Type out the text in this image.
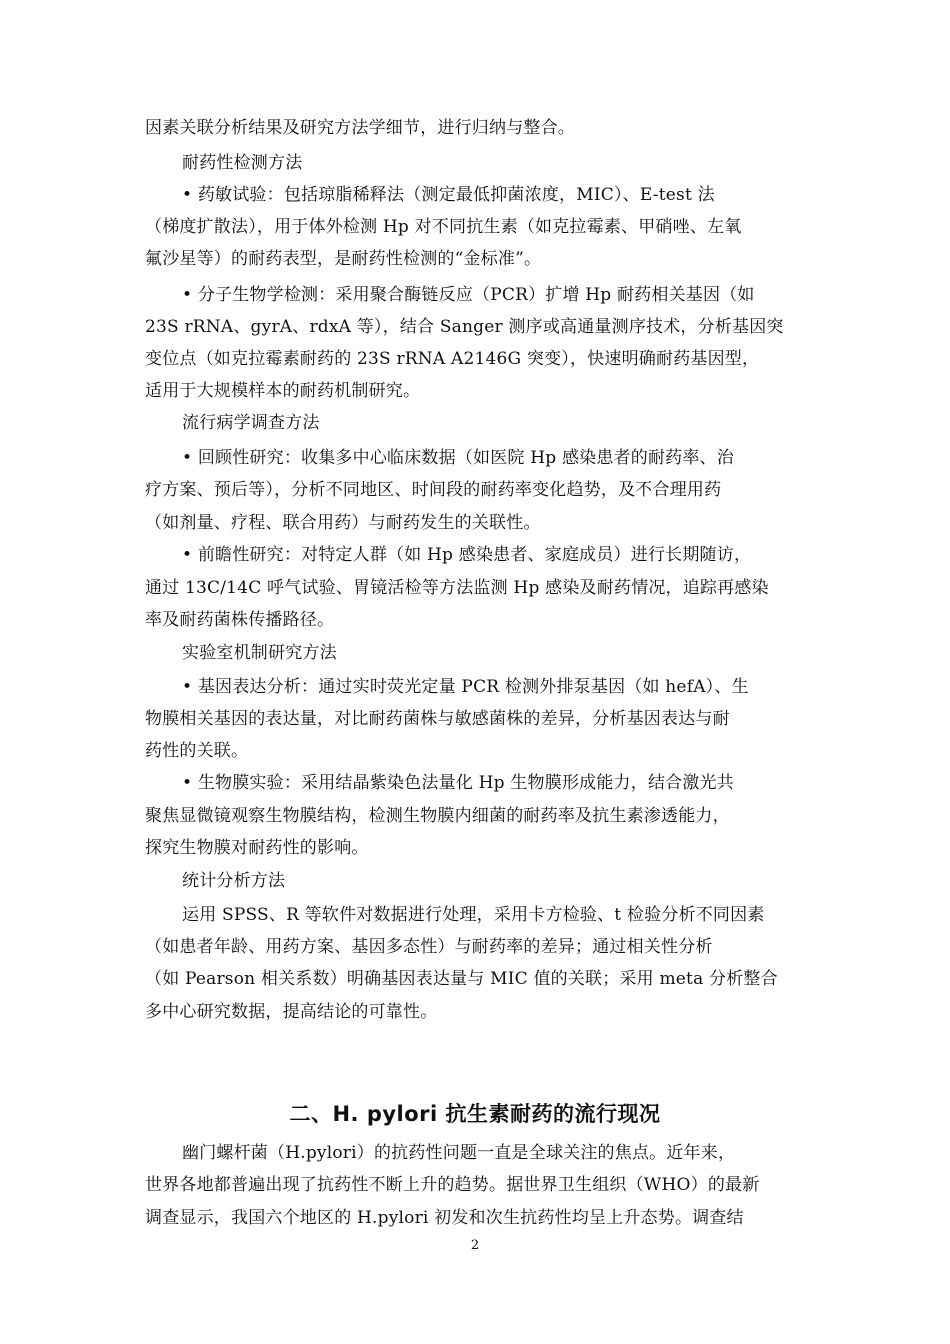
因素关联分析结果及研究方法学细节，进行归纳与整合。
耐药性检测方法
• 药敏试验：包括琼脂稀释法（测定最低抑菌浓度，MIC）、E-test 法
（梯度扩散法），用于体外检测 Hp 对不同抗生素（如克拉霉素、甲硝唑、左氧
氟沙星等）的耐药表型，是耐药性检测的“金标准”。
• 分子生物学检测：采用聚合酶链反应（PCR）扩增 Hp 耐药相关基因（如
23S rRNA、gyrA、rdxA 等），结合 Sanger 测序或高通量测序技术，分析基因突
变位点（如克拉霉素耐药的 23S rRNA A2146G 突变），快速明确耐药基因型，
适用于大规模样本的耐药机制研究。
流行病学调查方法
• 回顾性研究：收集多中心临床数据（如医院 Hp 感染患者的耐药率、治
疗方案、预后等），分析不同地区、时间段的耐药率变化趋势，及不合理用药
（如剂量、疗程、联合用药）与耐药发生的关联性。
• 前瞻性研究：对特定人群（如 Hp 感染患者、家庭成员）进行长期随访，
通过 13C/14C 呼气试验、胃镜活检等方法监测 Hp 感染及耐药情况，追踪再感染
率及耐药菌株传播路径。
实验室机制研究方法
• 基因表达分析：通过实时荧光定量 PCR 检测外排泵基因（如 hefA）、生
物膜相关基因的表达量，对比耐药菌株与敏感菌株的差异，分析基因表达与耐
药性的关联。
• 生物膜实验：采用结晶紫染色法量化 Hp 生物膜形成能力，结合激光共
聚焦显微镜观察生物膜结构，检测生物膜内细菌的耐药率及抗生素渗透能力，
探究生物膜对耐药性的影响。
统计分析方法
运用 SPSS、R 等软件对数据进行处理，采用卡方检验、t 检验分析不同因素
（如患者年龄、用药方案、基因多态性）与耐药率的差异；通过相关性分析
（如 Pearson 相关系数）明确基因表达量与 MIC 值的关联；采用 meta 分析整合
多中心研究数据，提高结论的可靠性。
二、H. pylori 抗生素耐药的流行现况
幽门螺杆菌（H.pylori）的抗药性问题一直是全球关注的焦点。近年来，
世界各地都普遍出现了抗药性不断上升的趋势。据世界卫生组织（WHO）的最新
调查显示，我国六个地区的 H.pylori 初发和次生抗药性均呈上升态势。调查结
2
